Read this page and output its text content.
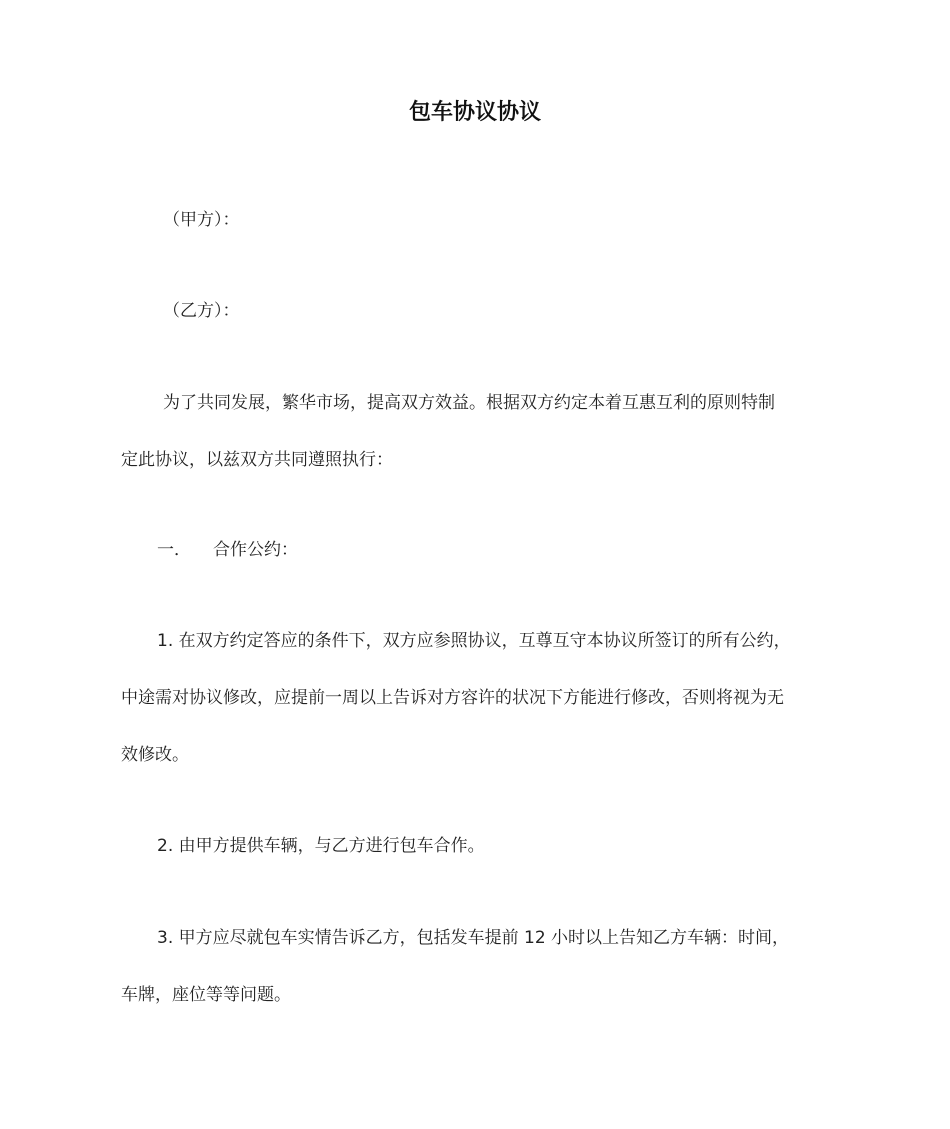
包车协议协议
（甲方）：
（乙方）：
为了共同发展，繁华市场，提高双方效益。根据双方约定本着互惠互利的原则特制
定此协议，以兹双方共同遵照执行：
一． 合作公约：
1. 在双方约定答应的条件下，双方应参照协议，互尊互守本协议所签订的所有公约，
中途需对协议修改，应提前一周以上告诉对方容许的状况下方能进行修改，否则将视为无
效修改。
2. 由甲方提供车辆，与乙方进行包车合作。
3. 甲方应尽就包车实情告诉乙方，包括发车提前 12 小时以上告知乙方车辆：时间，
车牌，座位等等问题。
